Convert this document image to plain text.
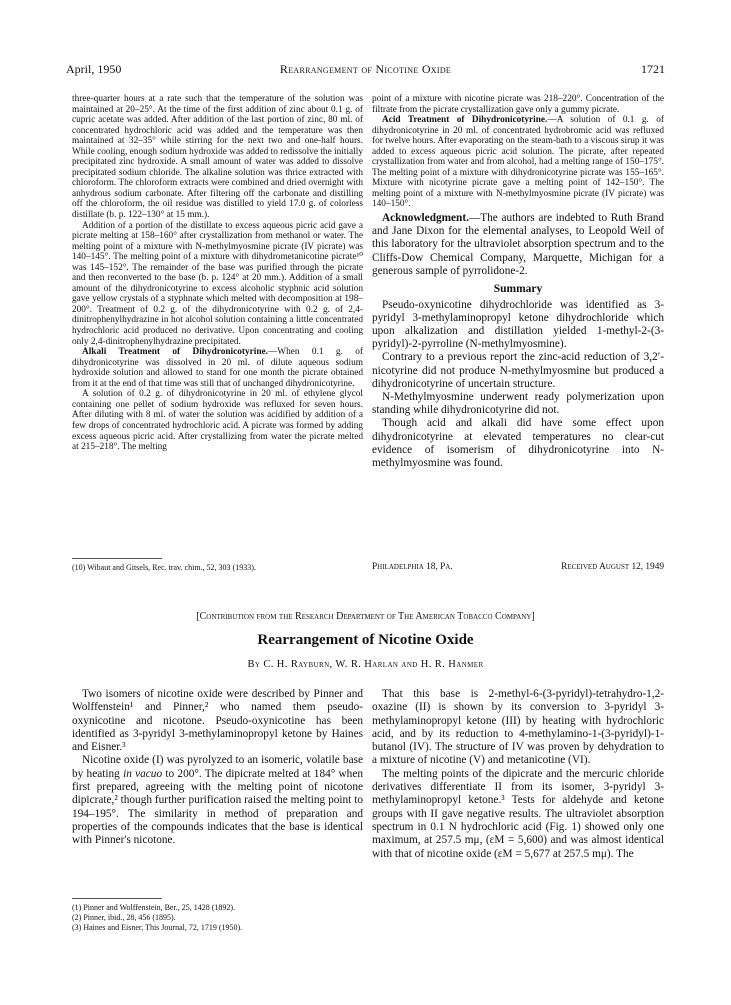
April, 1950	Rearrangement of Nicotine Oxide	1721

three-quarter hours at a rate such that the temperature of the solution was maintained at 20–25°. At the time of the first addition of zinc about 0.1 g. of cupric acetate was added. After addition of the last portion of zinc, 80 ml. of concentrated hydrochloric acid was added and the temperature was then maintained at 32–35° while stirring for the next two and one-half hours. While cooling, enough sodium hydroxide was added to redissolve the initially precipitated zinc hydroxide. A small amount of water was added to dissolve precipitated sodium chloride. The alkaline solution was thrice extracted with chloroform. The chloroform extracts were combined and dried overnight with anhydrous sodium carbonate. After filtering off the carbonate and distilling off the chloroform, the oil residue was distilled to yield 17.0 g. of colorless distillate (b. p. 122–130° at 15 mm.).

Addition of a portion of the distillate to excess aqueous picric acid gave a picrate melting at 158–160° after crystallization from methanol or water. The melting point of a mixture with N-methylmyosmine picrate (IV picrate) was 140–145°. The melting point of a mixture with dihydrometanicotine picrate¹⁰ was 145–152°. The remainder of the base was purified through the picrate and then reconverted to the base (b. p. 124° at 20 mm.). Addition of a small amount of the dihydronicotyrine to excess alcoholic styphnic acid solution gave yellow crystals of a styphnate which melted with decomposition at 198–200°. Treatment of 0.2 g. of the dihydronicotyrine with 0.2 g. of 2,4-dinitrophenylhydrazine in hot alcohol solution containing a little concentrated hydrochloric acid produced no derivative. Upon concentrating and cooling only 2,4-dinitrophenylhydrazine precipitated.

Alkali Treatment of Dihydronicotyrine.—When 0.1 g. of dihydronicotyrine was dissolved in 20 ml. of dilute aqueous sodium hydroxide solution and allowed to stand for one month the picrate obtained from it at the end of that time was still that of unchanged dihydronicotyrine.

A solution of 0.2 g. of dihydronicotyrine in 20 ml. of ethylene glycol containing one pellet of sodium hydroxide was refluxed for seven hours. After diluting with 8 ml. of water the solution was acidified by addition of a few drops of concentrated hydrochloric acid. A picrate was formed by adding excess aqueous picric acid. After crystallizing from water the picrate melted at 215–218°. The melting

(10) Wibaut and Gitsels, Rec. trav. chim., 52, 303 (1933).

point of a mixture with nicotine picrate was 218–220°. Concentration of the filtrate from the picrate crystallization gave only a gummy picrate.

Acid Treatment of Dihydronicotyrine.—A solution of 0.1 g. of dihydronicotyrine in 20 ml. of concentrated hydrobromic acid was refluxed for twelve hours. After evaporating on the steam-bath to a viscous sirup it was added to excess aqueous picric acid solution. The picrate, after repeated crystallization from water and from alcohol, had a melting range of 150–175°. The melting point of a mixture with dihydronicotyrine picrate was 155–165°. Mixture with nicotyrine picrate gave a melting point of 142–150°. The melting point of a mixture with N-methylmyosmine picrate (IV picrate) was 140–150°.

Acknowledgment.—The authors are indebted to Ruth Brand and Jane Dixon for the elemental analyses, to Leopold Weil of this laboratory for the ultraviolet absorption spectrum and to the Cliffs-Dow Chemical Company, Marquette, Michigan for a generous sample of pyrrolidone-2.

Summary

Pseudo-oxynicotine dihydrochloride was identified as 3-pyridyl 3-methylaminopropyl ketone dihydrochloride which upon alkalization and distillation yielded 1-methyl-2-(3-pyridyl)-2-pyrroline (N-methylmyosmine).

Contrary to a previous report the zinc-acid reduction of 3,2′-nicotyrine did not produce N-methylmyosmine but produced a dihydronicotyrine of uncertain structure.

N-Methylmyosmine underwent ready polymerization upon standing while dihydronicotyrine did not.

Though acid and alkali did have some effect upon dihydronicotyrine at elevated temperatures no clear-cut evidence of isomerism of dihydronicotyrine into N-methylmyosmine was found.

Philadelphia 18, Pa.	Received August 12, 1949
[Contribution from the Research Department of The American Tobacco Company]
Rearrangement of Nicotine Oxide
By C. H. Rayburn, W. R. Harlan and H. R. Hanmer

Two isomers of nicotine oxide were described by Pinner and Wolffenstein¹ and Pinner,² who named them pseudo-oxynicotine and nicotone. Pseudo-oxynicotine has been identified as 3-pyridyl 3-methylaminopropyl ketone by Haines and Eisner.³

Nicotine oxide (I) was pyrolyzed to an isomeric, volatile base by heating in vacuo to 200°. The dipicrate melted at 184° when first prepared, agreeing with the melting point of nicotone dipicrate,² though further purification raised the melting point to 194–195°. The similarity in method of preparation and properties of the compounds indicates that the base is identical with Pinner's nicotone.

(1) Pinner and Wolffenstein, Ber., 25, 1428 (1892).
(2) Pinner, ibid., 28, 456 (1895).
(3) Haines and Eisner, This Journal, 72, 1719 (1950).

That this base is 2-methyl-6-(3-pyridyl)-tetrahydro-1,2-oxazine (II) is shown by its conversion to 3-pyridyl 3-methylaminopropyl ketone (III) by heating with hydrochloric acid, and by its reduction to 4-methylamino-1-(3-pyridyl)-1-butanol (IV). The structure of IV was proven by dehydration to a mixture of nicotine (V) and metanicotine (VI).

The melting points of the dipicrate and the mercuric chloride derivatives differentiate II from its isomer, 3-pyridyl 3-methylaminopropyl ketone.³ Tests for aldehyde and ketone groups with II gave negative results. The ultraviolet absorption spectrum in 0.1 N hydrochloric acid (Fig. 1) showed only one maximum, at 257.5 mμ, (εM = 5,600) and was almost identical with that of nicotine oxide (εM = 5,677 at 257.5 mμ). The
